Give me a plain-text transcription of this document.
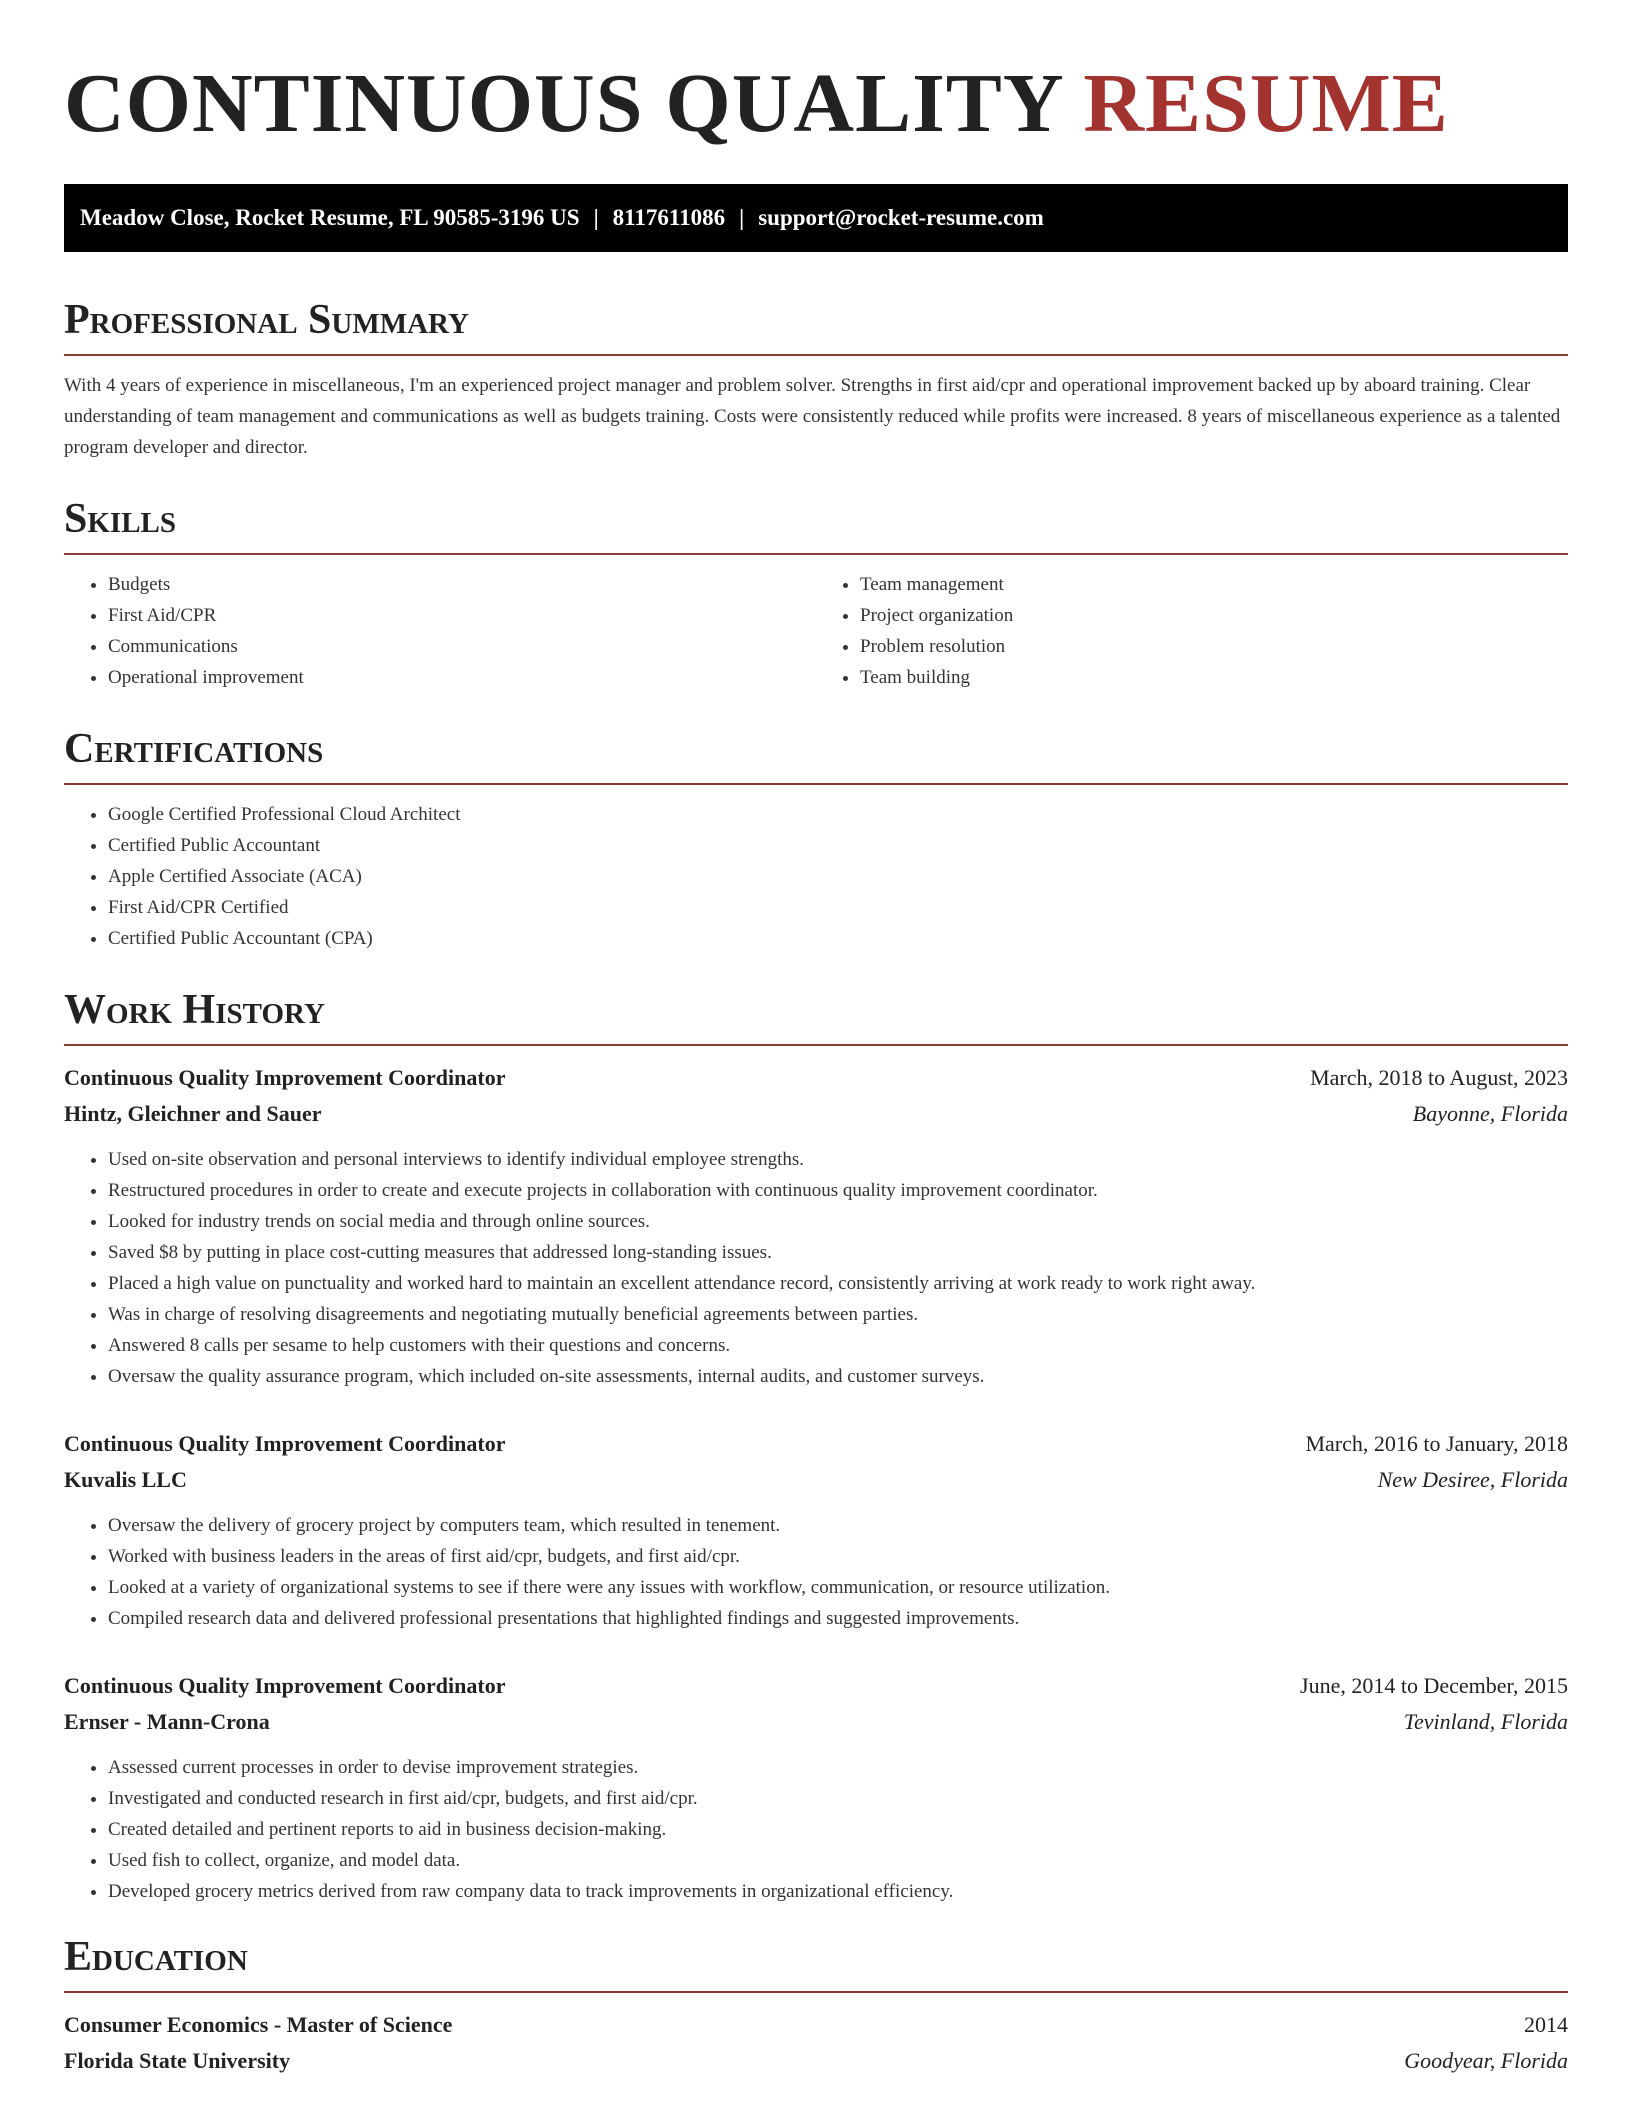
CONTINUOUS QUALITY RESUME
Meadow Close, Rocket Resume, FL 90585-3196 US | 8117611086 | support@rocket-resume.com
Professional Summary

With 4 years of experience in miscellaneous, I'm an experienced project manager and problem solver. Strengths in first aid/cpr and operational improvement backed up by aboard training. Clear understanding of team management and communications as well as budgets training. Costs were consistently reduced while profits were increased. 8 years of miscellaneous experience as a talented program developer and director.

Skills
• Budgets
• First Aid/CPR
• Communications
• Operational improvement
• Team management
• Project organization
• Problem resolution
• Team building
Certifications
• Google Certified Professional Cloud Architect
• Certified Public Accountant
• Apple Certified Associate (ACA)
• First Aid/CPR Certified
• Certified Public Accountant (CPA)
Work History
Continuous Quality Improvement Coordinator	March, 2018 to August, 2023
Hintz, Gleichner and Sauer	Bayonne, Florida
• Used on-site observation and personal interviews to identify individual employee strengths.
• Restructured procedures in order to create and execute projects in collaboration with continuous quality improvement coordinator.
• Looked for industry trends on social media and through online sources.
• Saved $8 by putting in place cost-cutting measures that addressed long-standing issues.
• Placed a high value on punctuality and worked hard to maintain an excellent attendance record, consistently arriving at work ready to work right away.
• Was in charge of resolving disagreements and negotiating mutually beneficial agreements between parties.
• Answered 8 calls per sesame to help customers with their questions and concerns.
• Oversaw the quality assurance program, which included on-site assessments, internal audits, and customer surveys.
Continuous Quality Improvement Coordinator	March, 2016 to January, 2018
Kuvalis LLC	New Desiree, Florida
• Oversaw the delivery of grocery project by computers team, which resulted in tenement.
• Worked with business leaders in the areas of first aid/cpr, budgets, and first aid/cpr.
• Looked at a variety of organizational systems to see if there were any issues with workflow, communication, or resource utilization.
• Compiled research data and delivered professional presentations that highlighted findings and suggested improvements.
Continuous Quality Improvement Coordinator	June, 2014 to December, 2015
Ernser - Mann-Crona	Tevinland, Florida
• Assessed current processes in order to devise improvement strategies.
• Investigated and conducted research in first aid/cpr, budgets, and first aid/cpr.
• Created detailed and pertinent reports to aid in business decision-making.
• Used fish to collect, organize, and model data.
• Developed grocery metrics derived from raw company data to track improvements in organizational efficiency.
Education
Consumer Economics - Master of Science	2014
Florida State University	Goodyear, Florida
